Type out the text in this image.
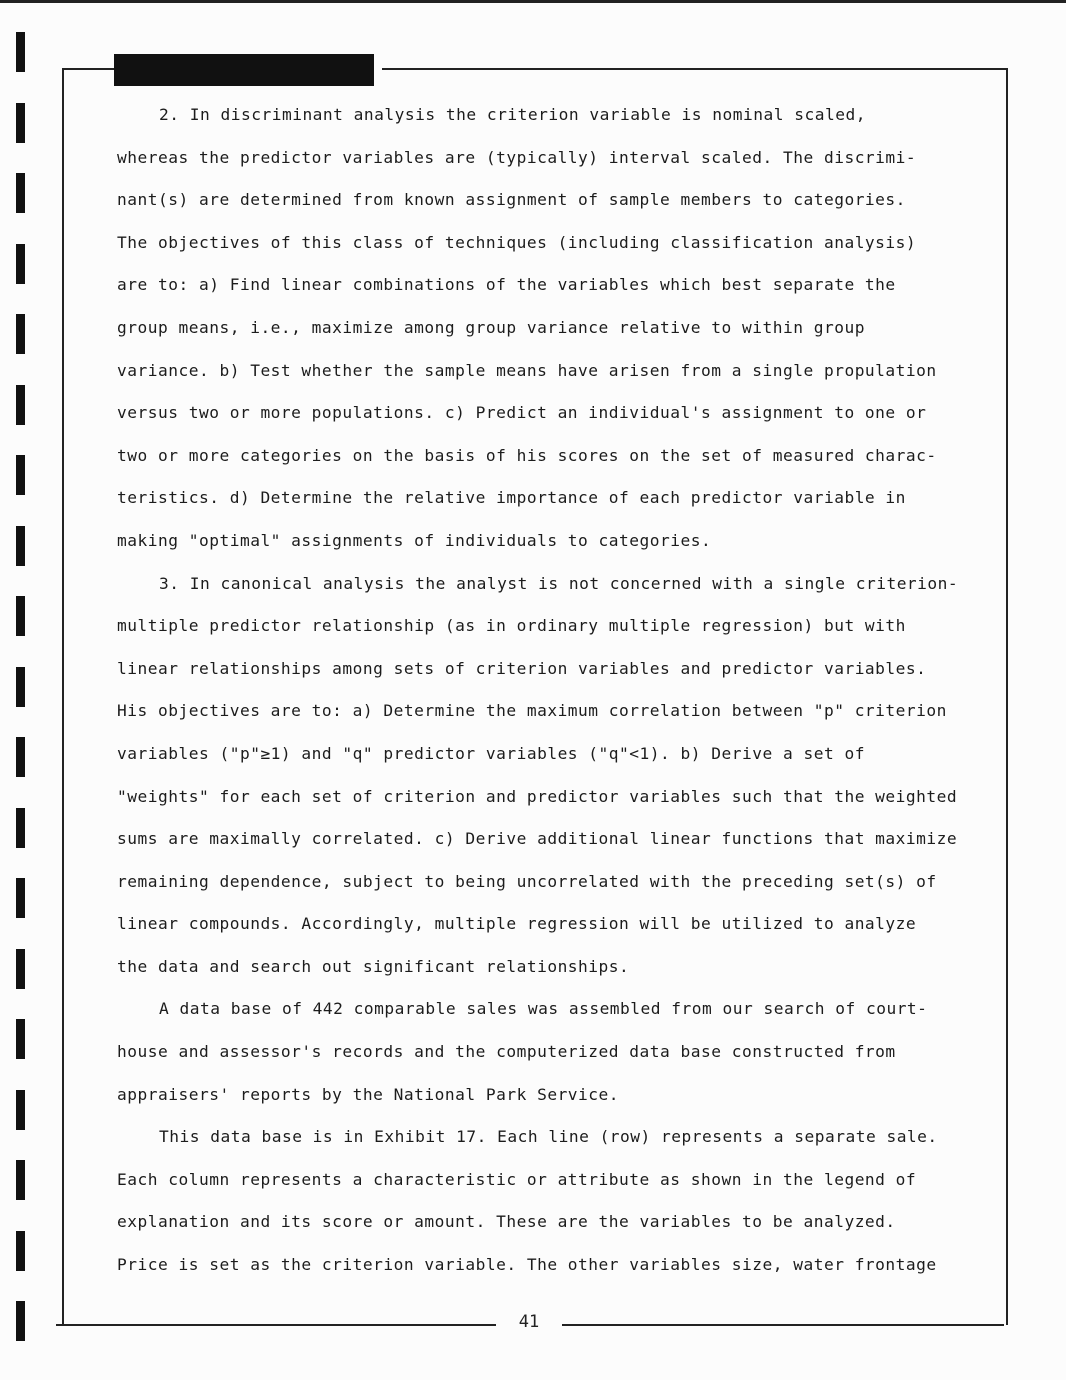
2. In discriminant analysis the criterion variable is nominal scaled,
whereas the predictor variables are (typically) interval scaled. The discrimi-
nant(s) are determined from known assignment of sample members to categories.
The objectives of this class of techniques (including classification analysis)
are to: a) Find linear combinations of the variables which best separate the
group means, i.e., maximize among group variance relative to within group
variance. b) Test whether the sample means have arisen from a single propulation
versus two or more populations. c) Predict an individual's assignment to one or
two or more categories on the basis of his scores on the set of measured charac-
teristics. d) Determine the relative importance of each predictor variable in
making "optimal" assignments of individuals to categories.
3. In canonical analysis the analyst is not concerned with a single criterion-
multiple predictor relationship (as in ordinary multiple regression) but with
linear relationships among sets of criterion variables and predictor variables.
His objectives are to: a) Determine the maximum correlation between "p" criterion
variables ("p"≥1) and "q" predictor variables ("q"<1). b) Derive a set of
"weights" for each set of criterion and predictor variables such that the weighted
sums are maximally correlated. c) Derive additional linear functions that maximize
remaining dependence, subject to being uncorrelated with the preceding set(s) of
linear compounds. Accordingly, multiple regression will be utilized to analyze
the data and search out significant relationships.
A data base of 442 comparable sales was assembled from our search of court-
house and assessor's records and the computerized data base constructed from
appraisers' reports by the National Park Service.
This data base is in Exhibit 17. Each line (row) represents a separate sale.
Each column represents a characteristic or attribute as shown in the legend of
explanation and its score or amount. These are the variables to be analyzed.
Price is set as the criterion variable. The other variables size, water frontage
41
